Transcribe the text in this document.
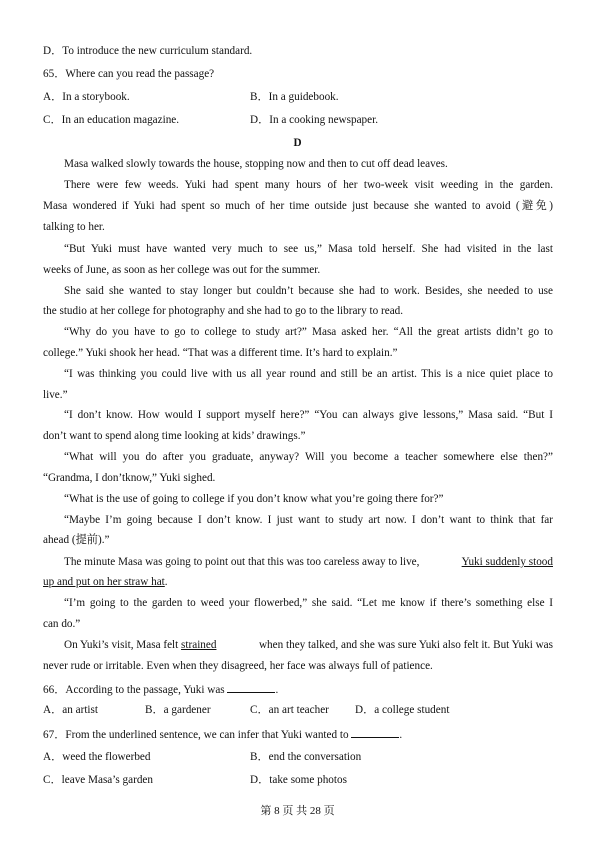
D．To introduce the new curriculum standard.
65．Where can you read the passage?
A．In a storybook.	B．In a guidebook.
C．In an education magazine.	D．In a cooking newspaper.
D
Masa walked slowly towards the house, stopping now and then to cut off dead leaves.
There were few weeds. Yuki had spent many hours of her two-week visit weeding in the garden.
Masa wondered if Yuki had spent so much of her time outside just because she wanted to avoid (避免)
talking to her.
“But Yuki must have wanted very much to see us,” Masa told herself. She had visited in the last
weeks of June, as soon as her college was out for the summer.
She said she wanted to stay longer but couldn’t because she had to work. Besides, she needed to use
the studio at her college for photography and she had to go to the library to read.
“Why do you have to go to college to study art?” Masa asked her. “All the great artists didn’t go to
college.” Yuki shook her head. “That was a different time. It’s hard to explain.”
“I was thinking you could live with us all year round and still be an artist. This is a nice quiet place to
live.”
“I don’t know. How would I support myself here?” “You can always give lessons,” Masa said. “But I
don’t want to spend along time looking at kids’ drawings.”
“What will you do after you graduate, anyway? Will you become a teacher somewhere else then?”
“Grandma, I don’tknow,” Yuki sighed.
“What is the use of going to college if you don’t know what you’re going there for?”
“Maybe I’m going because I don’t know. I just want to study art now. I don’t want to think that far
ahead (提前).”
The minute Masa was going to point out that this was too careless away to live,	Yuki suddenly stood
up and put on her straw hat.
“I’m going to the garden to weed your flowerbed,” she said. “Let me know if there’s something else I
can do.”
On Yuki’s visit, Masa felt strained	when they talked, and she was sure Yuki also felt it. But Yuki was
never rude or irritable. Even when they disagreed, her face was always full of patience.
66．According to the passage, Yuki was	.
A．an artist	B．a gardener	C．an art teacher D．a college student
67．From the underlined sentence, we can infer that Yuki wanted to	.
A．weed the flowerbed	B．end the conversation
C．leave Masa’s garden	D．take some photos
第 8 页 共 28 页
